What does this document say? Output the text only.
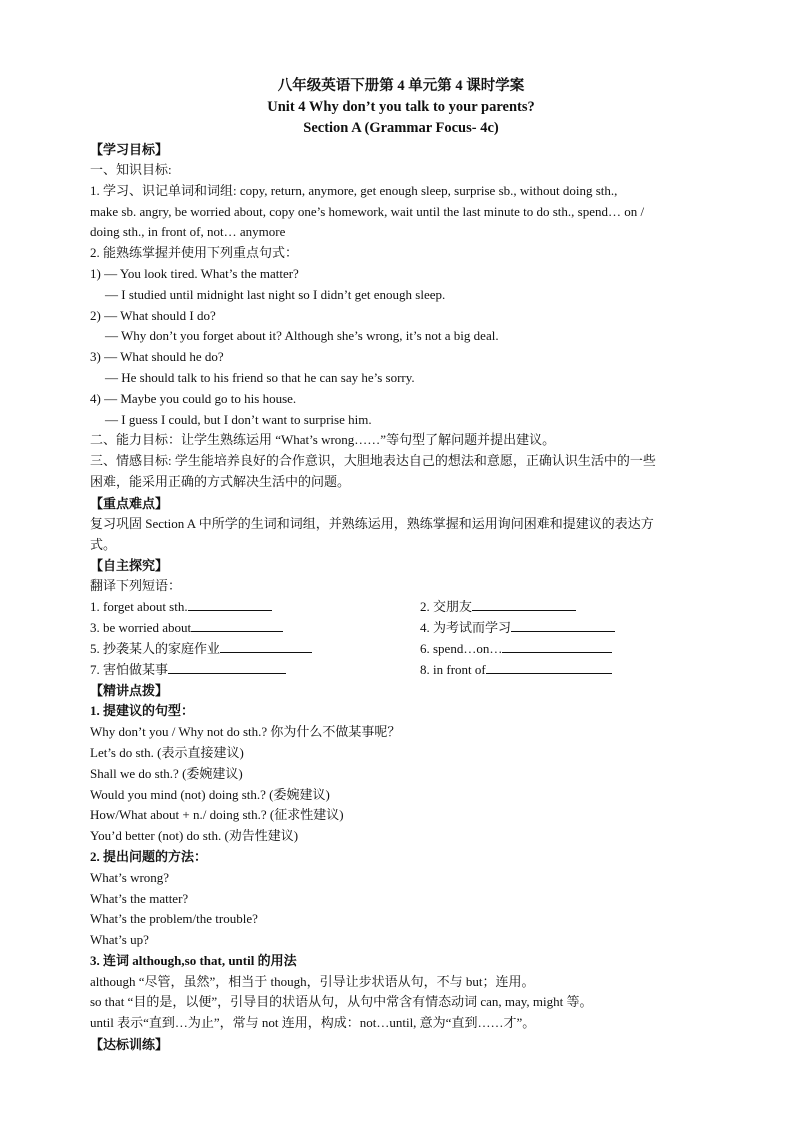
八年级英语下册第 4 单元第 4 课时学案
Unit 4 Why don’t you talk to your parents?
Section A (Grammar Focus- 4c)
【学习目标】
一、知识目标:
1. 学习、识记单词和词组: copy, return, anymore, get enough sleep, surprise sb., without doing sth.,
make sb. angry, be worried about, copy one’s homework, wait until the last minute to do sth., spend… on /
doing sth., in front of, not… anymore
2. 能熟练掌握并使用下列重点句式：
1) — You look tired. What’s the matter?
— I studied until midnight last night so I didn’t get enough sleep.
2) — What should I do?
— Why don’t you forget about it? Although she’s wrong, it’s not a big deal.
3) — What should he do?
— He should talk to his friend so that he can say he’s sorry.
4) — Maybe you could go to his house.
— I guess I could, but I don’t want to surprise him.
二、能力目标：让学生熟练运用 “What’s wrong……”等句型了解问题并提出建议。
三、情感目标: 学生能培养良好的合作意识，大胆地表达自己的想法和意愿，正确认识生活中的一些
困难，能采用正确的方式解决生活中的问题。
【重点难点】
复习巩固 Section A 中所学的生词和词组，并熟练运用，熟练掌握和运用询问困难和提建议的表达方
式。
【自主探究】
翻译下列短语：
1. forget about sth.	2. 交朋友
3. be worried about	4. 为考试而学习
5. 抄袭某人的家庭作业	6. spend…on…
7. 害怕做某事	8. in front of
【精讲点拨】
1. 提建议的句型：
Why don’t you / Why not do sth.? 你为什么不做某事呢？
Let’s do sth. (表示直接建议)
Shall we do sth.? (委婉建议)
Would you mind (not) doing sth.? (委婉建议)
How/What about + n./ doing sth.? (征求性建议)
You’d better (not) do sth. (劝告性建议)
2. 提出问题的方法：
What’s wrong?
What’s the matter?
What’s the problem/the trouble?
What’s up?
3. 连词 although,so that, until 的用法
although “尽管，虽然”，相当于 though，引导让步状语从句，不与 but；连用。
so that “目的是，以便”，引导目的状语从句，从句中常含有情态动词 can, may, might 等。
until 表示“直到…为止”，常与 not 连用，构成：not…until, 意为“直到……才”。
【达标训练】
